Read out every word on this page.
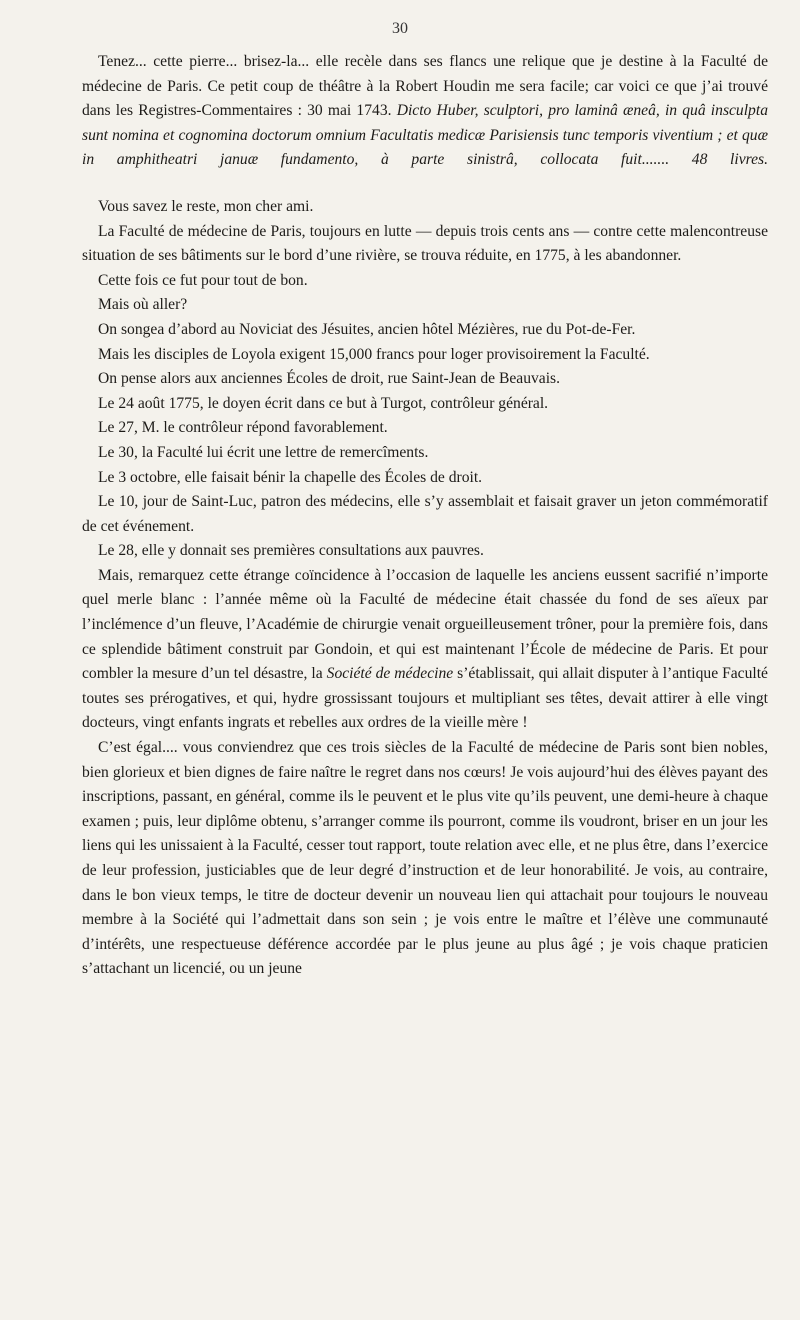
30

Tenez... cette pierre... brisez-la... elle recèle dans ses flancs une relique que je destine à la Faculté de médecine de Paris. Ce petit coup de théâtre à la Robert Houdin me sera facile; car voici ce que j’ai trouvé dans les Registres-Commentaires : 30 mai 1743. Dicto Huber, sculptori, pro laminâ æneâ, in quâ insculpta sunt nomina et cognomina doctorum omnium Facultatis medicæ Parisiensis tunc temporis viventium ; et quæ in amphitheatri januæ fundamento, à parte sinistrâ, collocata fuit....... 48 livres.

Vous savez le reste, mon cher ami.

La Faculté de médecine de Paris, toujours en lutte — depuis trois cents ans — contre cette malencontreuse situation de ses bâtiments sur le bord d’une rivière, se trouva réduite, en 1775, à les abandonner.

Cette fois ce fut pour tout de bon.

Mais où aller?

On songea d’abord au Noviciat des Jésuites, ancien hôtel Mézières, rue du Pot-de-Fer.

Mais les disciples de Loyola exigent 15,000 francs pour loger provisoirement la Faculté.

On pense alors aux anciennes Écoles de droit, rue Saint-Jean de Beauvais.

Le 24 août 1775, le doyen écrit dans ce but à Turgot, contrôleur général.

Le 27, M. le contrôleur répond favorablement.

Le 30, la Faculté lui écrit une lettre de remercîments.

Le 3 octobre, elle faisait bénir la chapelle des Écoles de droit.

Le 10, jour de Saint-Luc, patron des médecins, elle s’y assemblait et faisait graver un jeton commémoratif de cet événement.

Le 28, elle y donnait ses premières consultations aux pauvres.

Mais, remarquez cette étrange coïncidence à l’occasion de laquelle les anciens eussent sacrifié n’importe quel merle blanc : l’année même où la Faculté de médecine était chassée du fond de ses aïeux par l’inclémence d’un fleuve, l’Académie de chirurgie venait orgueilleusement trôner, pour la première fois, dans ce splendide bâtiment construit par Gondoin, et qui est maintenant l’École de médecine de Paris. Et pour combler la mesure d’un tel désastre, la Société de médecine s’établissait, qui allait disputer à l’antique Faculté toutes ses prérogatives, et qui, hydre grossissant toujours et multipliant ses têtes, devait attirer à elle vingt docteurs, vingt enfants ingrats et rebelles aux ordres de la vieille mère !

C’est égal.... vous conviendrez que ces trois siècles de la Faculté de médecine de Paris sont bien nobles, bien glorieux et bien dignes de faire naître le regret dans nos cœurs! Je vois aujourd’hui des élèves payant des inscriptions, passant, en général, comme ils le peuvent et le plus vite qu’ils peuvent, une demi-heure à chaque examen ; puis, leur diplôme obtenu, s’arranger comme ils pourront, comme ils voudront, briser en un jour les liens qui les unissaient à la Faculté, cesser tout rapport, toute relation avec elle, et ne plus être, dans l’exercice de leur profession, justiciables que de leur degré d’instruction et de leur honorabilité. Je vois, au contraire, dans le bon vieux temps, le titre de docteur devenir un nouveau lien qui attachait pour toujours le nouveau membre à la Société qui l’admettait dans son sein ; je vois entre le maître et l’élève une communauté d’intérêts, une respectueuse déférence accordée par le plus jeune au plus âgé ; je vois chaque praticien s’attachant un licencié, ou un jeune
